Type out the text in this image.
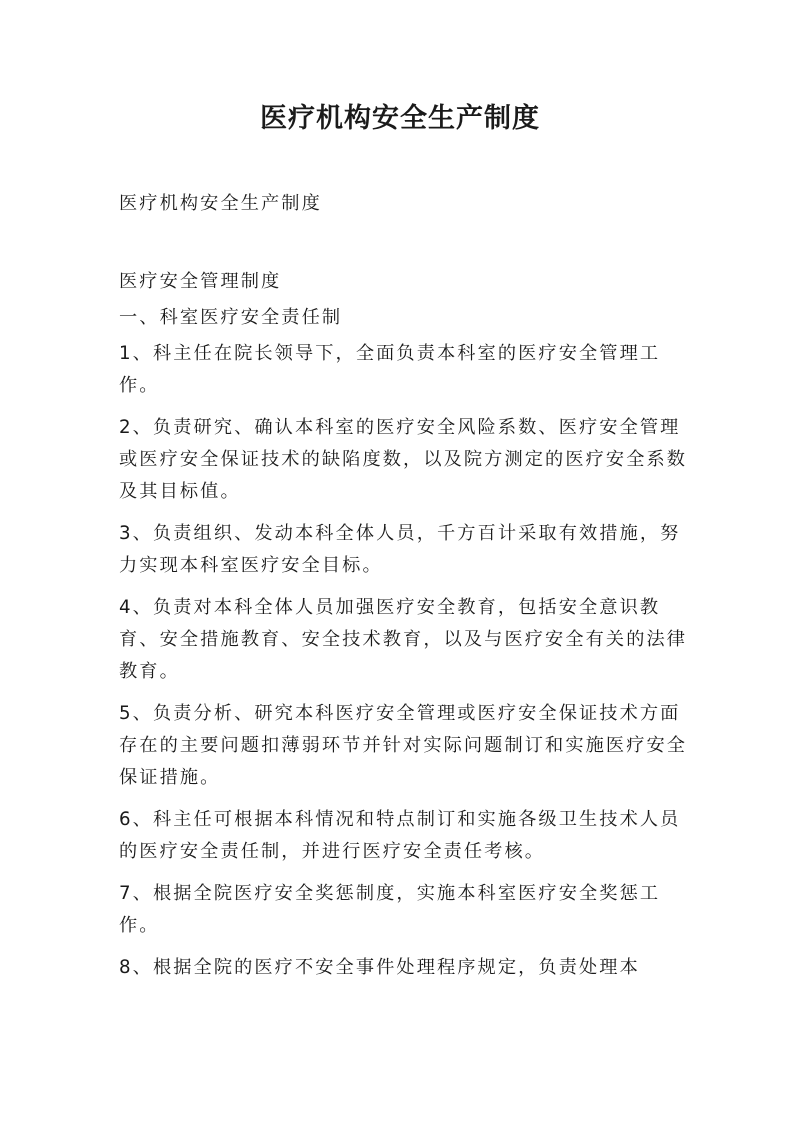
医疗机构安全生产制度

医疗机构安全生产制度

医疗安全管理制度

一、科室医疗安全责任制

1、科主任在院长领导下，全面负责本科室的医疗安全管理工作。

2、负责研究、确认本科室的医疗安全风险系数、医疗安全管理或医疗安全保证技术的缺陷度数，以及院方测定的医疗安全系数及其目标值。

3、负责组织、发动本科全体人员，千方百计采取有效措施，努力实现本科室医疗安全目标。

4、负责对本科全体人员加强医疗安全教育，包括安全意识教育、安全措施教育、安全技术教育，以及与医疗安全有关的法律教育。

5、负责分析、研究本科医疗安全管理或医疗安全保证技术方面存在的主要问题扣薄弱环节并针对实际问题制订和实施医疗安全保证措施。

6、科主任可根据本科情况和特点制订和实施各级卫生技术人员的医疗安全责任制，并进行医疗安全责任考核。

7、根据全院医疗安全奖惩制度，实施本科室医疗安全奖惩工作。

8、根据全院的医疗不安全事件处理程序规定，负责处理本
